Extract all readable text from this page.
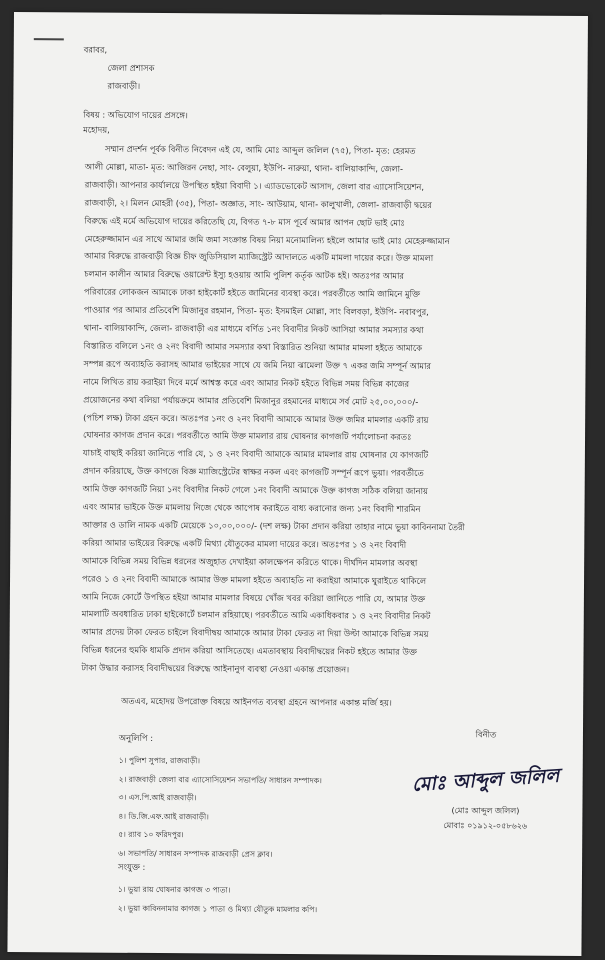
বরাবর,
জেলা প্রশাসক
রাজবাড়ী।
বিষয় : অভিযোগ দায়ের প্রসঙ্গে।
মহোদয়,

সম্মান প্রদর্শন পূর্বক বিনীত নিবেদন এই যে, আমি মোঃ আব্দুল জলিল (৭৫), পিতা- মৃত: হেরমত

আলী মোল্লা, মাতা- মৃত: আজিরন নেছা, সাং- বেলুয়া, ইউপি- নারুয়া, থানা- বালিয়াকান্দি, জেলা-

রাজবাড়ী। আপনার কার্যালয়ে উপস্থিত হইয়া বিবাদী ১। এ্যাডভোকেট আসাদ, জেলা বার এ্যাসোসিয়েশন,

রাজবাড়ী, ২। মিলন মোহরী (৩৫), পিতা- অজ্ঞাত, সাং- আউয়াম, থানা- কালুখালী, জেলা- রাজবাড়ী দ্বয়ের

বিরুদ্ধে এই মর্মে অভিযোগ দায়ের করিতেছি যে, বিগত ৭-৮ মাস পূর্বে আমার আপন ছোট ভাই মোঃ

মেহেরুজ্জামান এর সাথে আমার জমি জমা সংক্রান্ত বিষয় নিয়া মনোমালিন্য হইলে আমার ভাই মোঃ মেহেরুজ্জামান

আমার বিরুদ্ধে রাজবাড়ী বিজ্ঞ চীফ জুডিসিয়াল ম্যাজিস্ট্রেট আদালতে একটি মামলা দায়ের করে। উক্ত মামলা

চলমান কালীন আমার বিরুদ্ধে ওয়ারেন্ট ইস্যু হওয়ায় আমি পুলিশ কর্তৃক আটক হই। অতঃপর আমার

পরিবারের লোকজন আমাকে ঢাকা হাইকোর্ট হইতে জামিনের ব্যবস্থা করে। পরবর্তীতে আমি জামিনে মুক্তি

পাওয়ার পর আমার প্রতিবেশি মিজানুর রহমান, পিতা- মৃত: ইসমাইল মোল্লা, সাং বিলবড়া, ইউপি- নবাবপুর,

থানা- বালিয়াকান্দি, জেলা- রাজবাড়ী এর মাধ্যমে বর্ণিত ১নং বিবাদীর নিকট আসিয়া আমার সমস্যার কথা

বিস্তারিত বলিলে ১নং ও ২নং বিবাদী আমার সমস্যার কথা বিস্তারিত শুনিয়া আমার মামলা হইতে আমাকে

সম্পন্ন রূপে অব্যাহতি করাসহ আমার ভাইয়ের সাথে যে জমি নিয়া ঝামেলা উক্ত ৭ একর জমি সম্পূর্ন আমার

নামে লিখিত রায় করাইয়া দিবে মর্মে আশ্বস্ত করে এবং আমার নিকট হইতে বিভিন্ন সময় বিভিন্ন কাজের

প্রয়োজনের কথা বলিয়া পর্যায়ক্রমে আমার প্রতিবেশি মিজানুর রহমানের মাধ্যমে সর্ব মোট ২৫,০০,০০০/-

(পচিশ লক্ষ) টাকা গ্রহন করে। অতঃপর ১নং ও ২নং বিবাদী আমাকে আমার উক্ত জমির মামলার একটি রায়

ঘোষনার কাগজ প্রদান করে। পরবর্তীতে আমি উক্ত মামলার রায় ঘোষনার কাগজটি পর্যালোচনা করতঃ

যাচাই বাছাই করিয়া জানিতে পারি যে, ১ ও ২নং বিবাদী আমাকে আমার মামলার রায় ঘোষনার যে কাগজটি

প্রদান করিয়াছে, উক্ত কাগজে বিজ্ঞ ম্যাজিস্ট্রেটের স্বাক্ষর নকল এবং কাগজটি সম্পূর্ন রূপে ভুয়া। পরবর্তীতে

আমি উক্ত কাগজটি নিয়া ১নং বিবাদীর নিকট গেলে ১নং বিবাদী আমাকে উক্ত কাগজ সঠিক বলিয়া জানায়

এবং আমার ভাইকে উক্ত মামলায় নিজে থেকে আপোষ করাইতে বাধ্য করানোর জন্য ১নং বিবাদী শারমিন

আক্তার ও ডালি নামক একটি মেয়েকে ১০,০০,০০০/- (দশ লক্ষ) টাকা প্রদান করিয়া তাহার নামে ভুয়া কাবিননামা তৈরী

করিয়া আমার ভাইয়ের বিরুদ্ধে একটি মিথ্যা যৌতুকের মামলা দায়ের করে। অতঃপর ১ ও ২নং বিবাদী

আমাকে বিভিন্ন সময় বিভিন্ন ধরনের অজুহাত দেখাইয়া কালক্ষেপন করিতে থাকে। দীর্ঘদিন মামলার অবস্থা

পরেও ১ ও ২নং বিবাদী আমাকে আমার উক্ত মামলা হইতে অব্যাহতি না করাইয়া আমাকে ঘুরাইতে থাকিলে

আমি নিজে কোর্টে উপস্থিত হইয়া আমার মামলার বিষয়ে খোঁজ খবর করিয়া জানিতে পারি যে, আমার উক্ত

মামলাটি অবধারিত ঢাকা হাইকোর্টে চলমান রহিয়াছে। পরবর্তীতে আমি একাধিকবার ১ ও ২নং বিবাদীর নিকট

আমার প্রদেয় টাকা ফেরত চাইলে বিবাদীদ্বয় আমাকে আমার টাকা ফেরত না দিয়া উল্টা আমাকে বিভিন্ন সময়

বিভিন্ন ধরনের হুমকি ধামকি প্রদান করিয়া আসিতেছে। এমতাবস্থায় বিবাদীদ্বয়ের নিকট হইতে আমার উক্ত

টাকা উদ্ধার করাসহ বিবাদীদ্বয়ের বিরুদ্ধে আইনানুগ ব্যবস্থা নেওয়া একান্ত প্রয়োজন।

অতএব, মহোদয় উপরোক্ত বিষয়ে আইনগত ব্যবস্থা গ্রহনে আপনার একান্ত মর্জি হয়।
অনুলিপি :
১। পুলিশ সুপার, রাজবাড়ী।
২। রাজবাড়ী জেলা বার এ্যাসোসিয়েশন সভাপতি/ সাধারন সম্পাদক।
৩। এস.পি.আই রাজবাড়ী।
৪। ডি.জি.এফ.আই রাজবাড়ী।
৫। র‌্যাব ১০ ফরিদপুর।
৬। সভাপতি/ সাধারন সম্পাদক রাজবাড়ী প্রেস ক্লাব।
বিনীত
মোঃ আব্দুল জলিল
(মোঃ আব্দুল জলিল)
মোবাঃ ০১৯১২-০৫৮৬২৬
সংযুক্ত :
১। ভুয়া রায় ঘোষনার কাগজ ৩ পাতা।
২। ভুয়া কাবিননামার কাগজ ১ পাতা ও মিথ্যা যৌতুক মামলার কপি।
